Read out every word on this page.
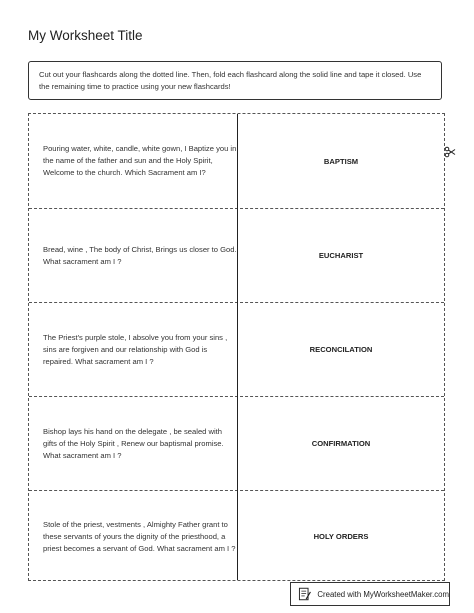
My Worksheet Title
Cut out your flashcards along the dotted line. Then, fold each flashcard along the solid line and tape it closed. Use the remaining time to practice using your new flashcards!
Pouring water, white, candle, white gown, I Baptize you in the name of the father and sun and the Holy Spirit, Welcome to the church. Which Sacrament am I?
BAPTISM
Bread, wine , The body of Christ, Brings us closer to God. What sacrament am I ?
EUCHARIST
The Priest's purple stole, I absolve you from your sins , sins are forgiven and our relationship with God is repaired. What sacrament am I ?
RECONCILATION
Bishop lays his hand on the delegate , be sealed with gifts of the Holy Spirit , Renew our baptismal promise. What sacrament am I ?
CONFIRMATION
Stole of the priest, vestments , Almighty Father grant to these servants of yours the dignity of the priesthood, a priest becomes a servant of God. What sacrament am I ?
HOLY ORDERS
Created with MyWorksheetMaker.com
